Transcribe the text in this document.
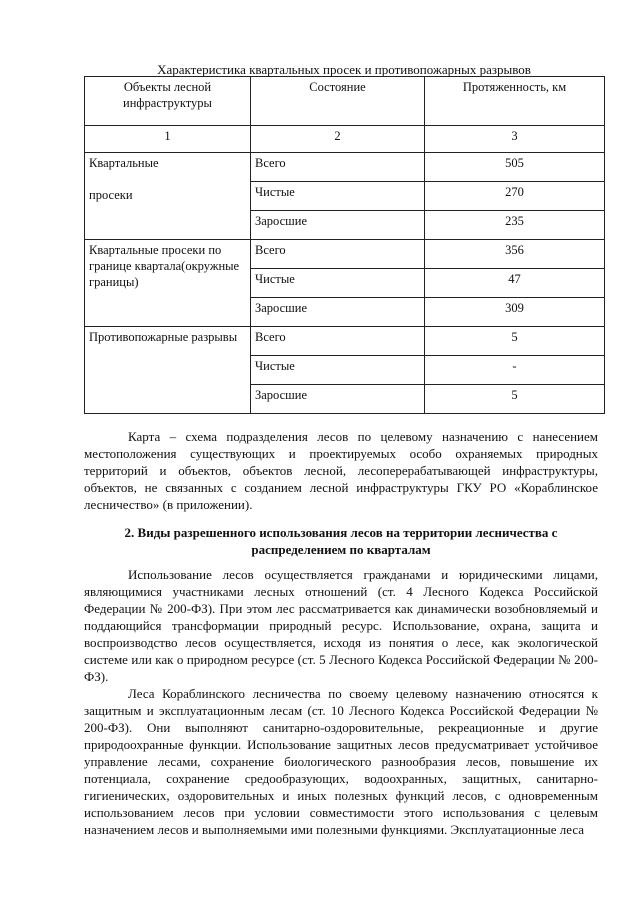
Характеристика квартальных просек и противопожарных разрывов
Объекты лесной инфраструктуры	Состояние	Протяженность, км
1	2	3

Квартальные

просеки	Всего	505
	Чистые	270
	Заросшие	235

Квартальные просеки по границе квартала(окружные границы)	Всего	356
	Чистые	47
	Заросшие	309

Противопожарные разрывы	Всего	5
	Чистые	-
	Заросшие	5

Карта – схема подразделения лесов по целевому назначению с нанесением местоположения существующих и проектируемых особо охраняемых природных территорий и объектов, объектов лесной, лесоперерабатывающей инфраструктуры, объектов, не связанных с созданием лесной инфраструктуры ГКУ РО «Кораблинское лесничество» (в приложении).

2. Виды разрешенного использования лесов на территории лесничества с
распределением по кварталам

Использование лесов осуществляется гражданами и юридическими лицами, являющимися участниками лесных отношений (ст. 4 Лесного Кодекса Российской Федерации № 200-ФЗ). При этом лес рассматривается как динамически возобновляемый и поддающийся трансформации природный ресурс. Использование, охрана, защита и воспроизводство лесов осуществляется, исходя из понятия о лесе, как экологической системе или как о природном ресурсе (ст. 5 Лесного Кодекса Российской Федерации № 200-ФЗ).

Леса Кораблинского лесничества по своему целевому назначению относятся к защитным и эксплуатационным лесам (ст. 10 Лесного Кодекса Российской Федерации № 200-ФЗ). Они выполняют санитарно-оздоровительные, рекреационные и другие природоохранные функции. Использование защитных лесов предусматривает устойчивое управление лесами, сохранение биологического разнообразия лесов, повышение их потенциала, сохранение средообразующих, водоохранных, защитных, санитарно-гигиенических, оздоровительных и иных полезных функций лесов, с одновременным использованием лесов при условии совместимости этого использования с целевым назначением лесов и выполняемыми ими полезными функциями. Эксплуатационные леса
